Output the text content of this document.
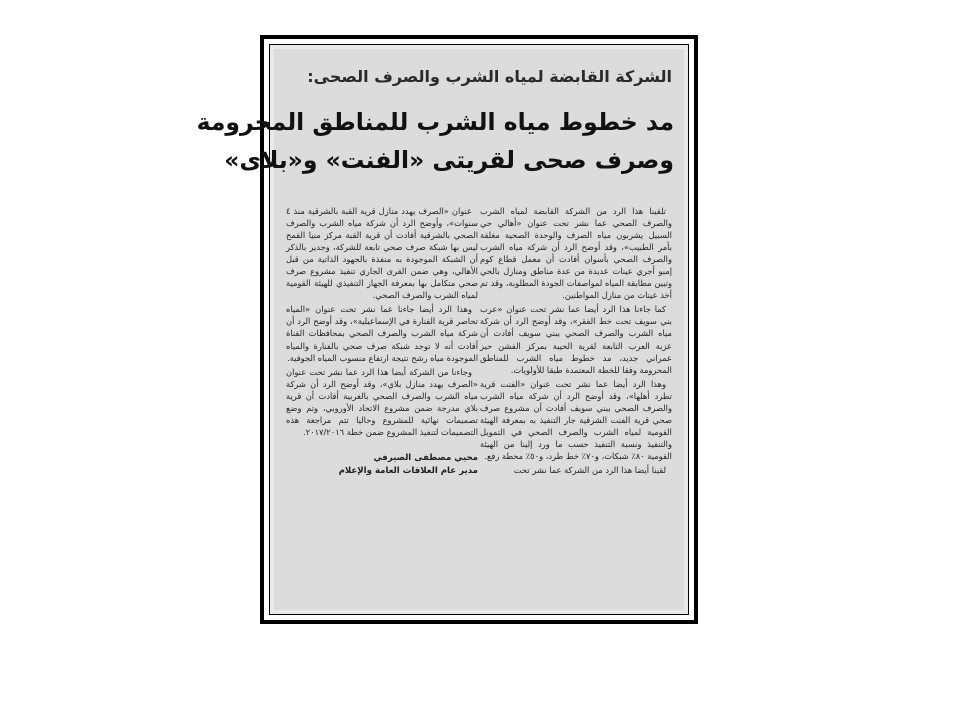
الشركة القابضة لمياه الشرب والصرف الصحى:
مد خطوط مياه الشرب للمناطق المحرومة
وصرف صحى لقريتى «الفنت» و«بلاى»

تلقينا هذا الرد من الشركة القابضة لمياه الشرب والصرف الصحي عما نشر تحت عنوان «أهالي حي السبيل يشربون مياه الصرف والوحدة الصحية مغلقة بأمر الطبيب»، وقد أوضح الرد أن شركة مياه الشرب والصرف الصحي بأسوان أفادت أن معمل قطاع كوم إمبو أجري عينات عديدة من عدة مناطق ومنازل بالحي وتبين مطابقة المياه لمواصفات الجودة المطلوبة، وقد تم أخذ عينات من منازل المواطنين.

كما جاءنا هذا الرد أيضا عما نشر تحت عنوان «عرب بني سويف تحت خط الفقر»، وقد أوضح الرد أن شركة مياه الشرب والصرف الصحي ببني سويف أفادت أن عزبة العرب التابعة لقرية الحيبة بمركز الفشن حيز عمراني جديد، مد خطوط مياه الشرب للمناطق المحرومة وفقا للخطة المعتمدة طبقا للأولويات.

وهذا الرد أيضا عما نشر تحت عنوان «الفنت قرية تطرد أهلها»، وقد أوضح الرد أن شركة مياه الشرب والصرف الصحي ببني سويف أفادت أن مشروع صرف صحي قرية الفنت الشرقية جار التنفيذ به بمعرفة الهيئة القومية لمياه الشرب والصرف الصحي في التمويل والتنفيذ ونسبة التنفيذ حسب ما ورد إلينا من الهيئة القومية ٨٠٪ شبكات، و٧٠٪ خط طرد، و٥٠٪ محطة رفع.

لقينا أيضا هذا الرد من الشركة عما نشر تحت

عنوان «الصرف يهدد منازل قرية القبة بالشرقية منذ ٤ سنوات»، وأوضح الرد أن شركة مياه الشرب والصرف الصحي بالشرقية أفادت أن قرية القبة مركز منيا القمح ليس بها شبكة صرف صحي تابعة للشركة، وجدير بالذكر أن الشبكة الموجودة به منفذة بالجهود الذاتية من قبل الأهالي، وهي ضمن القرى الجاري تنفيذ مشروع صرف صحي متكامل بها بمعرفة الجهاز التنفيذي للهيئة القومية لمياه الشرب والصرف الصحي.

وهذا الرد أيضا جاءنا عما نشر تحت عنوان «المياه تحاصر قرية الفنارة في الإسماعيلية»، وقد أوضح الرد أن شركة مياه الشرب والصرف الصحي بمحافظات القناة أفادت أنه لا توجد شبكة صرف صحي بالفنارة والمياه الموجودة مياه رشح نتيجة ارتفاع منسوب المياه الجوفية.

وجاءنا من الشركة أيضا هذا الرد عما نشر تحت عنوان «الصرف يهدد منازل بلاي»، وقد أوضح الرد أن شركة مياه الشرب والصرف الصحي بالغربية أفادت أن قرية بلاي مدرجة ضمن مشروع الاتحاد الأوروبي، وتم وضع تصميمات نهائية للمشروع وحاليا تتم مراجعة هذه التصميمات لتنفيذ المشروع ضمن خطة ٢٠١٧/٢٠١٦.

محيي مصطفى الصيرفي
مدير عام العلاقات العامة والإعلام
